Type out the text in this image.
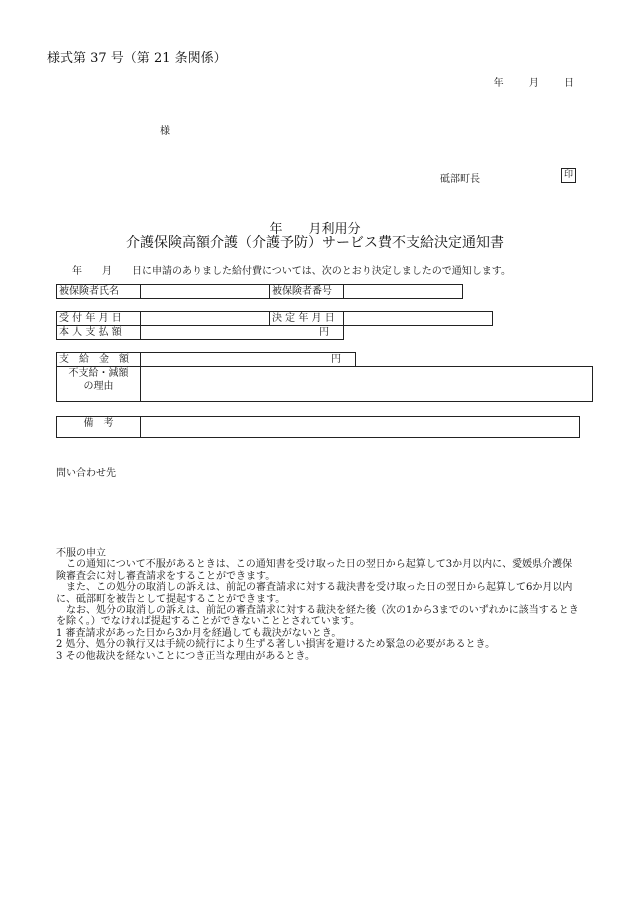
様式第 37 号（第 21 条関係）
年	月	日
様
砥部町長	印
年　　月利用分
介護保険高額介護（介護予防）サービス費不支給決定通知書
年　　月　　日に申請のありました給付費については、次のとおり決定しましたので通知します。
被保険者氏名		被保険者番号	
受 付 年 月 日		決 定 年 月 日	
本 人 支 払 額	円		
支　給　金　額	円	

不支給・減額
の理由		

備　考	
問い合わせ先

不服の申立

この通知について不服があるときは、この通知書を受け取った日の翌日から起算して3か月以内に、愛媛県介護保険審査会に対し審査請求をすることができます。

また、この処分の取消しの訴えは、前記の審査請求に対する裁決書を受け取った日の翌日から起算して6か月以内に、砥部町を被告として提起することができます。

なお、処分の取消しの訴えは、前記の審査請求に対する裁決を経た後（次の1から3までのいずれかに該当するときを除く。）でなければ提起することができないこととされています。

1 審査請求があった日から3か月を経過しても裁決がないとき。

2 処分、処分の執行又は手続の続行により生ずる著しい損害を避けるため緊急の必要があるとき。

3 その他裁決を経ないことにつき正当な理由があるとき。
